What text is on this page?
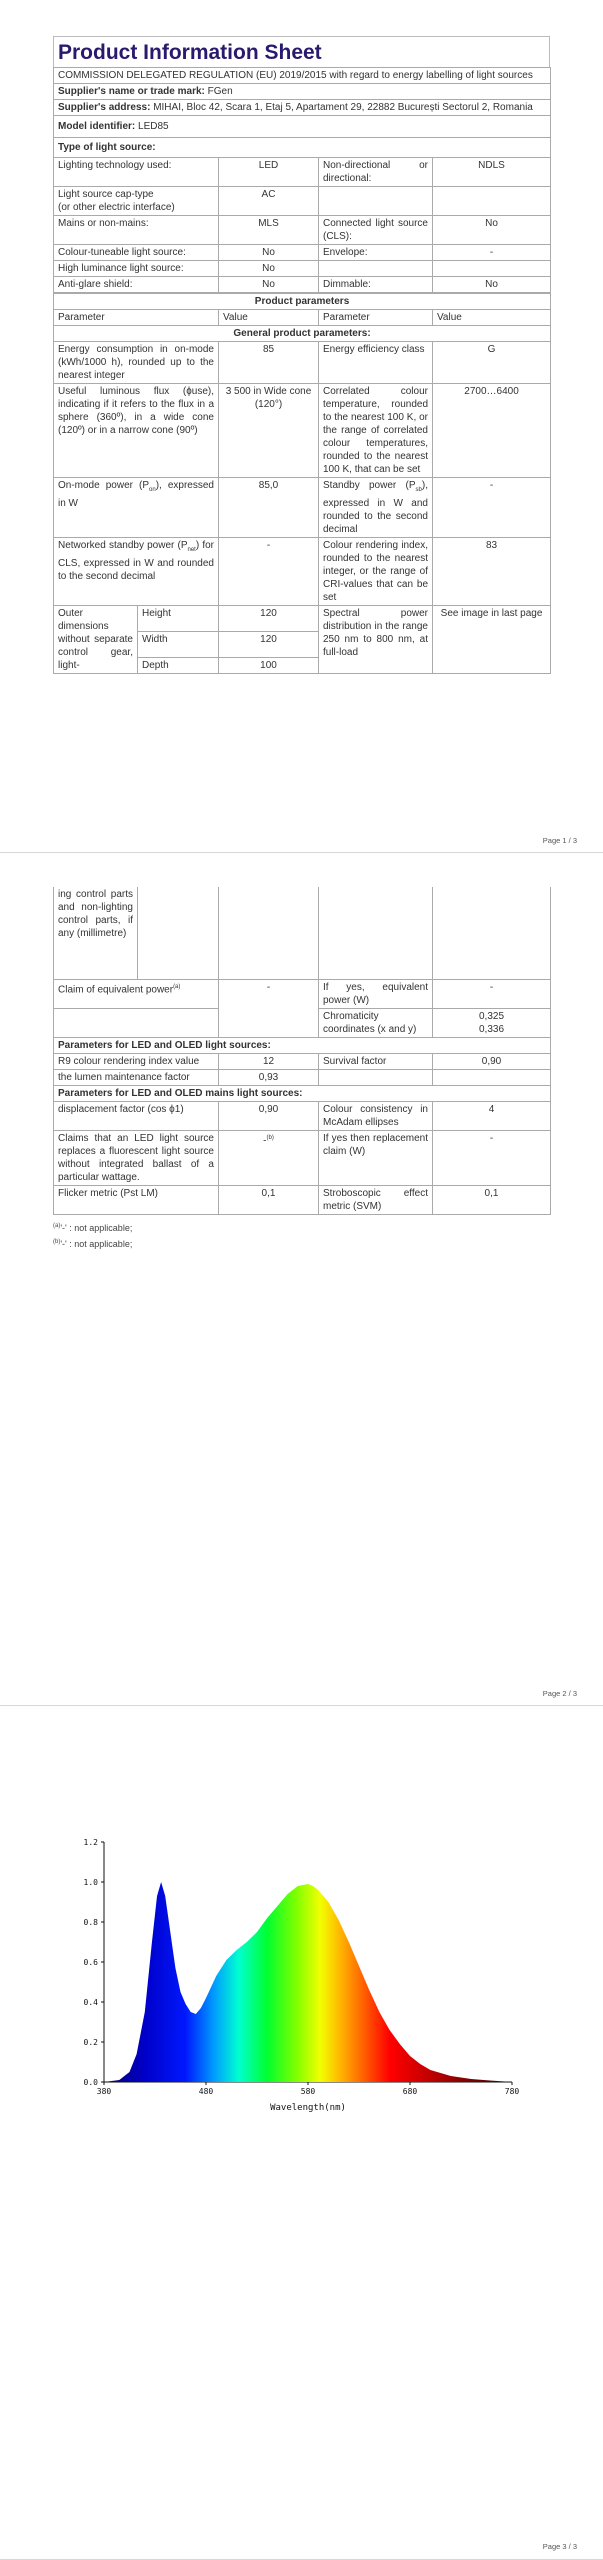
Product Information Sheet
COMMISSION DELEGATED REGULATION (EU) 2019/2015 with regard to energy labelling of light sources			
Supplier's name or trade mark: FGen			
Supplier's address: MIHAI, Bloc 42, Scara 1, Etaj 5, Apartament 29, 22882 București Sectorul 2, Romania			
Model identifier: LED85			
Type of light source:			
Lighting technology used:	LED	Non-directional or directional:	NDLS
Light source cap-type
(or other electric interface)	AC		
Mains or non-mains:	MLS	Connected light source (CLS):	No
Colour-tuneable light source:	No	Envelope:	-
High luminance light source:	No		
Anti-glare shield:	No	Dimmable:	No
Product parameters				
Parameter		Value	Parameter	Value
General product parameters:				
Energy consumption in on-mode (kWh/1000 h), rounded up to the nearest integer		85	Energy efficiency class	G
Useful luminous flux (ɸuse), indicating if it refers to the flux in a sphere (360º), in a wide cone (120º) or in a narrow cone (90º)		3 500 in Wide cone (120°)	Correlated colour temperature, rounded to the nearest 100 K, or the range of correlated colour temperatures, rounded to the nearest 100 K, that can be set	2700…6400
On-mode power $(P_{on})$, expressed in W		85,0	Standby power $(P_{sb})$, expressed in W and rounded to the second decimal	-
Networked standby power $(P_{net})$ for CLS, expressed in W and rounded to the second decimal		-	Colour rendering index, rounded to the nearest integer, or the range of CRI-values that can be set	83
Outer dimensions without separate control gear, light-	Height	120	Spectral power distribution in the range 250 nm to 800 nm, at full-load	See image in last page
	Width	120		
	Depth	100		
Page 1 / 3
ing control parts and non-lighting control parts, if any (millimetre)				
Claim of equivalent power$^{(a)}$		-	If yes, equivalent power (W)	-
			Chromaticity coordinates (x and y)	0,325
0,336
Parameters for LED and OLED light sources:				
R9 colour rendering index value		12	Survival factor	0,90
the lumen maintenance factor		0,93		
Parameters for LED and OLED mains light sources:				
displacement factor (cos ϕ1)		0,90	Colour consistency in McAdam ellipses	4
Claims that an LED light source replaces a fluorescent light source without integrated ballast of a particular wattage.		-$^{(b)}$	If yes then replacement claim (W)	-
Flicker metric (Pst LM)		0,1	Stroboscopic effect metric (SVM)	0,1
$^{(a)}$'-' : not applicable;
$^{(b)}$'-' : not applicable;
Page 2 / 3
0.0
0.2
0.4
0.6
0.8
1.0
1.2
380	480	580	680	780
Wavelength(nm)
Page 3 / 3
